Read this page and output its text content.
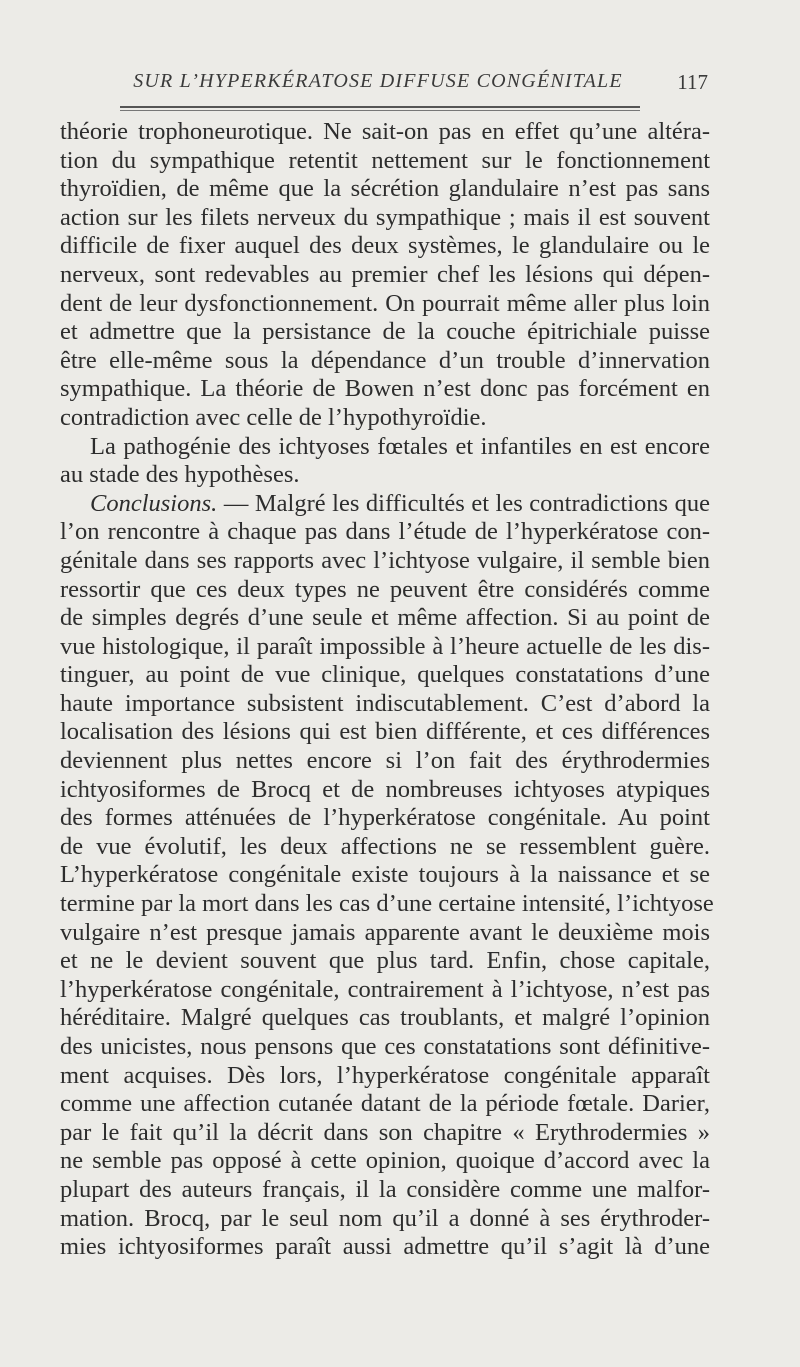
SUR L’HYPERKÉRATOSE DIFFUSE CONGÉNITALE	117
théorie trophoneurotique. Ne sait-on pas en effet qu’une altéra-
tion du sympathique retentit nettement sur le fonctionnement
thyroïdien, de même que la sécrétion glandulaire n’est pas sans
action sur les filets nerveux du sympathique ; mais il est souvent
difficile de fixer auquel des deux systèmes, le glandulaire ou le
nerveux, sont redevables au premier chef les lésions qui dépen-
dent de leur dysfonctionnement. On pourrait même aller plus loin
et admettre que la persistance de la couche épitrichiale puisse
être elle-même sous la dépendance d’un trouble d’innervation
sympathique. La théorie de Bowen n’est donc pas forcément en
contradiction avec celle de l’hypothyroïdie.
La pathogénie des ichtyoses fœtales et infantiles en est encore
au stade des hypothèses.
Conclusions. — Malgré les difficultés et les contradictions que
l’on rencontre à chaque pas dans l’étude de l’hyperkératose con-
génitale dans ses rapports avec l’ichtyose vulgaire, il semble bien
ressortir que ces deux types ne peuvent être considérés comme
de simples degrés d’une seule et même affection. Si au point de
vue histologique, il paraît impossible à l’heure actuelle de les dis-
tinguer, au point de vue clinique, quelques constatations d’une
haute importance subsistent indiscutablement. C’est d’abord la
localisation des lésions qui est bien différente, et ces différences
deviennent plus nettes encore si l’on fait des érythrodermies
ichtyosiformes de Brocq et de nombreuses ichtyoses atypiques
des formes atténuées de l’hyperkératose congénitale. Au point
de vue évolutif, les deux affections ne se ressemblent guère.
L’hyperkératose congénitale existe toujours à la naissance et se
termine par la mort dans les cas d’une certaine intensité, l’ichtyose
vulgaire n’est presque jamais apparente avant le deuxième mois
et ne le devient souvent que plus tard. Enfin, chose capitale,
l’hyperkératose congénitale, contrairement à l’ichtyose, n’est pas
héréditaire. Malgré quelques cas troublants, et malgré l’opinion
des unicistes, nous pensons que ces constatations sont définitive-
ment acquises. Dès lors, l’hyperkératose congénitale apparaît
comme une affection cutanée datant de la période fœtale. Darier,
par le fait qu’il la décrit dans son chapitre « Erythrodermies »
ne semble pas opposé à cette opinion, quoique d’accord avec la
plupart des auteurs français, il la considère comme une malfor-
mation. Brocq, par le seul nom qu’il a donné à ses érythroder-
mies ichtyosiformes paraît aussi admettre qu’il s’agit là d’une
